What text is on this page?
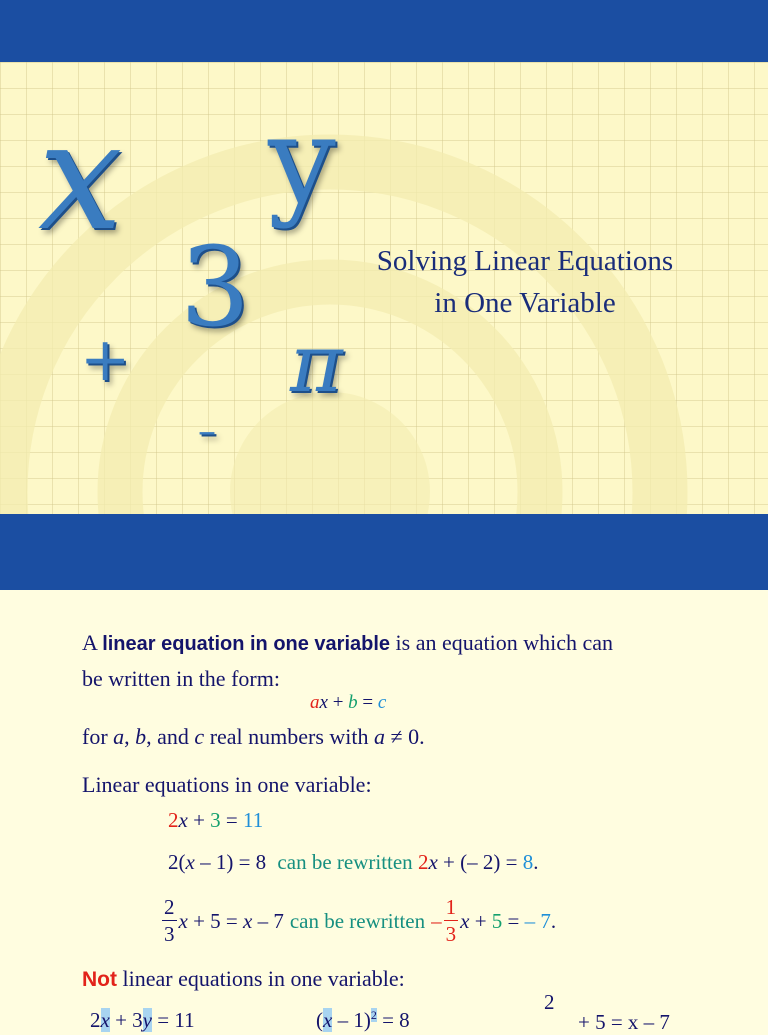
x y
3
+ π
–
Solving Linear Equations
in One Variable
A linear equation in one variable is an equation which can
be written in the form:
ax + b = c
for a, b, and c real numbers with a ≠ 0.
Linear equations in one variable:
2x + 3 = 11
2(x – 1) = 8 can be rewritten 2x + (– 2) = 8.
$\frac{2}{3}$ x + 5 = x – 7 can be rewritten – $\frac{1}{3}$ x + 5 = – 7 .
Not linear equations in one variable:
2x + 3y = 11	(x – 1)$^2$ = 8
2
+ 5 = x – 7
